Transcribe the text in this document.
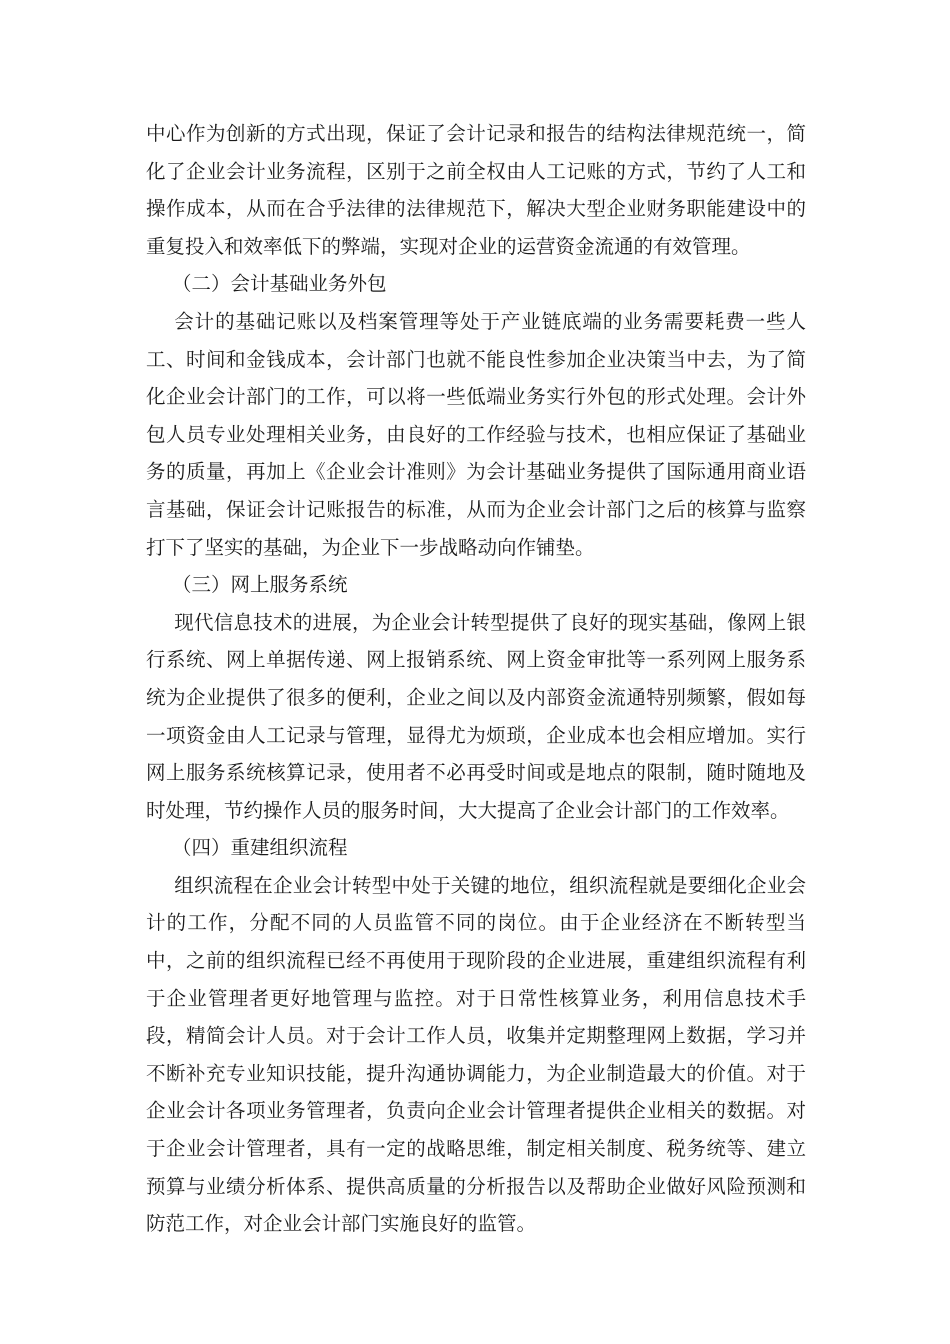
中心作为创新的方式出现，保证了会计记录和报告的结构法律规范统一，简化了企业会计业务流程，区别于之前全权由人工记账的方式，节约了人工和操作成本，从而在合乎法律的法律规范下，解决大型企业财务职能建设中的重复投入和效率低下的弊端，实现对企业的运营资金流通的有效管理。

（二）会计基础业务外包

会计的基础记账以及档案管理等处于产业链底端的业务需要耗费一些人工、时间和金钱成本，会计部门也就不能良性参加企业决策当中去，为了简化企业会计部门的工作，可以将一些低端业务实行外包的形式处理。会计外包人员专业处理相关业务，由良好的工作经验与技术，也相应保证了基础业务的质量，再加上《企业会计准则》为会计基础业务提供了国际通用商业语言基础，保证会计记账报告的标准，从而为企业会计部门之后的核算与监察打下了坚实的基础，为企业下一步战略动向作铺垫。

（三）网上服务系统

现代信息技术的进展，为企业会计转型提供了良好的现实基础，像网上银行系统、网上单据传递、网上报销系统、网上资金审批等一系列网上服务系统为企业提供了很多的便利，企业之间以及内部资金流通特别频繁，假如每一项资金由人工记录与管理，显得尤为烦琐，企业成本也会相应增加。实行网上服务系统核算记录，使用者不必再受时间或是地点的限制，随时随地及时处理，节约操作人员的服务时间，大大提高了企业会计部门的工作效率。

（四）重建组织流程

组织流程在企业会计转型中处于关键的地位，组织流程就是要细化企业会计的工作，分配不同的人员监管不同的岗位。由于企业经济在不断转型当中，之前的组织流程已经不再使用于现阶段的企业进展，重建组织流程有利于企业管理者更好地管理与监控。对于日常性核算业务，利用信息技术手段，精简会计人员。对于会计工作人员，收集并定期整理网上数据，学习并不断补充专业知识技能，提升沟通协调能力，为企业制造最大的价值。对于企业会计各项业务管理者，负责向企业会计管理者提供企业相关的数据。对于企业会计管理者，具有一定的战略思维，制定相关制度、税务统等、建立预算与业绩分析体系、提供高质量的分析报告以及帮助企业做好风险预测和防范工作，对企业会计部门实施良好的监管。
